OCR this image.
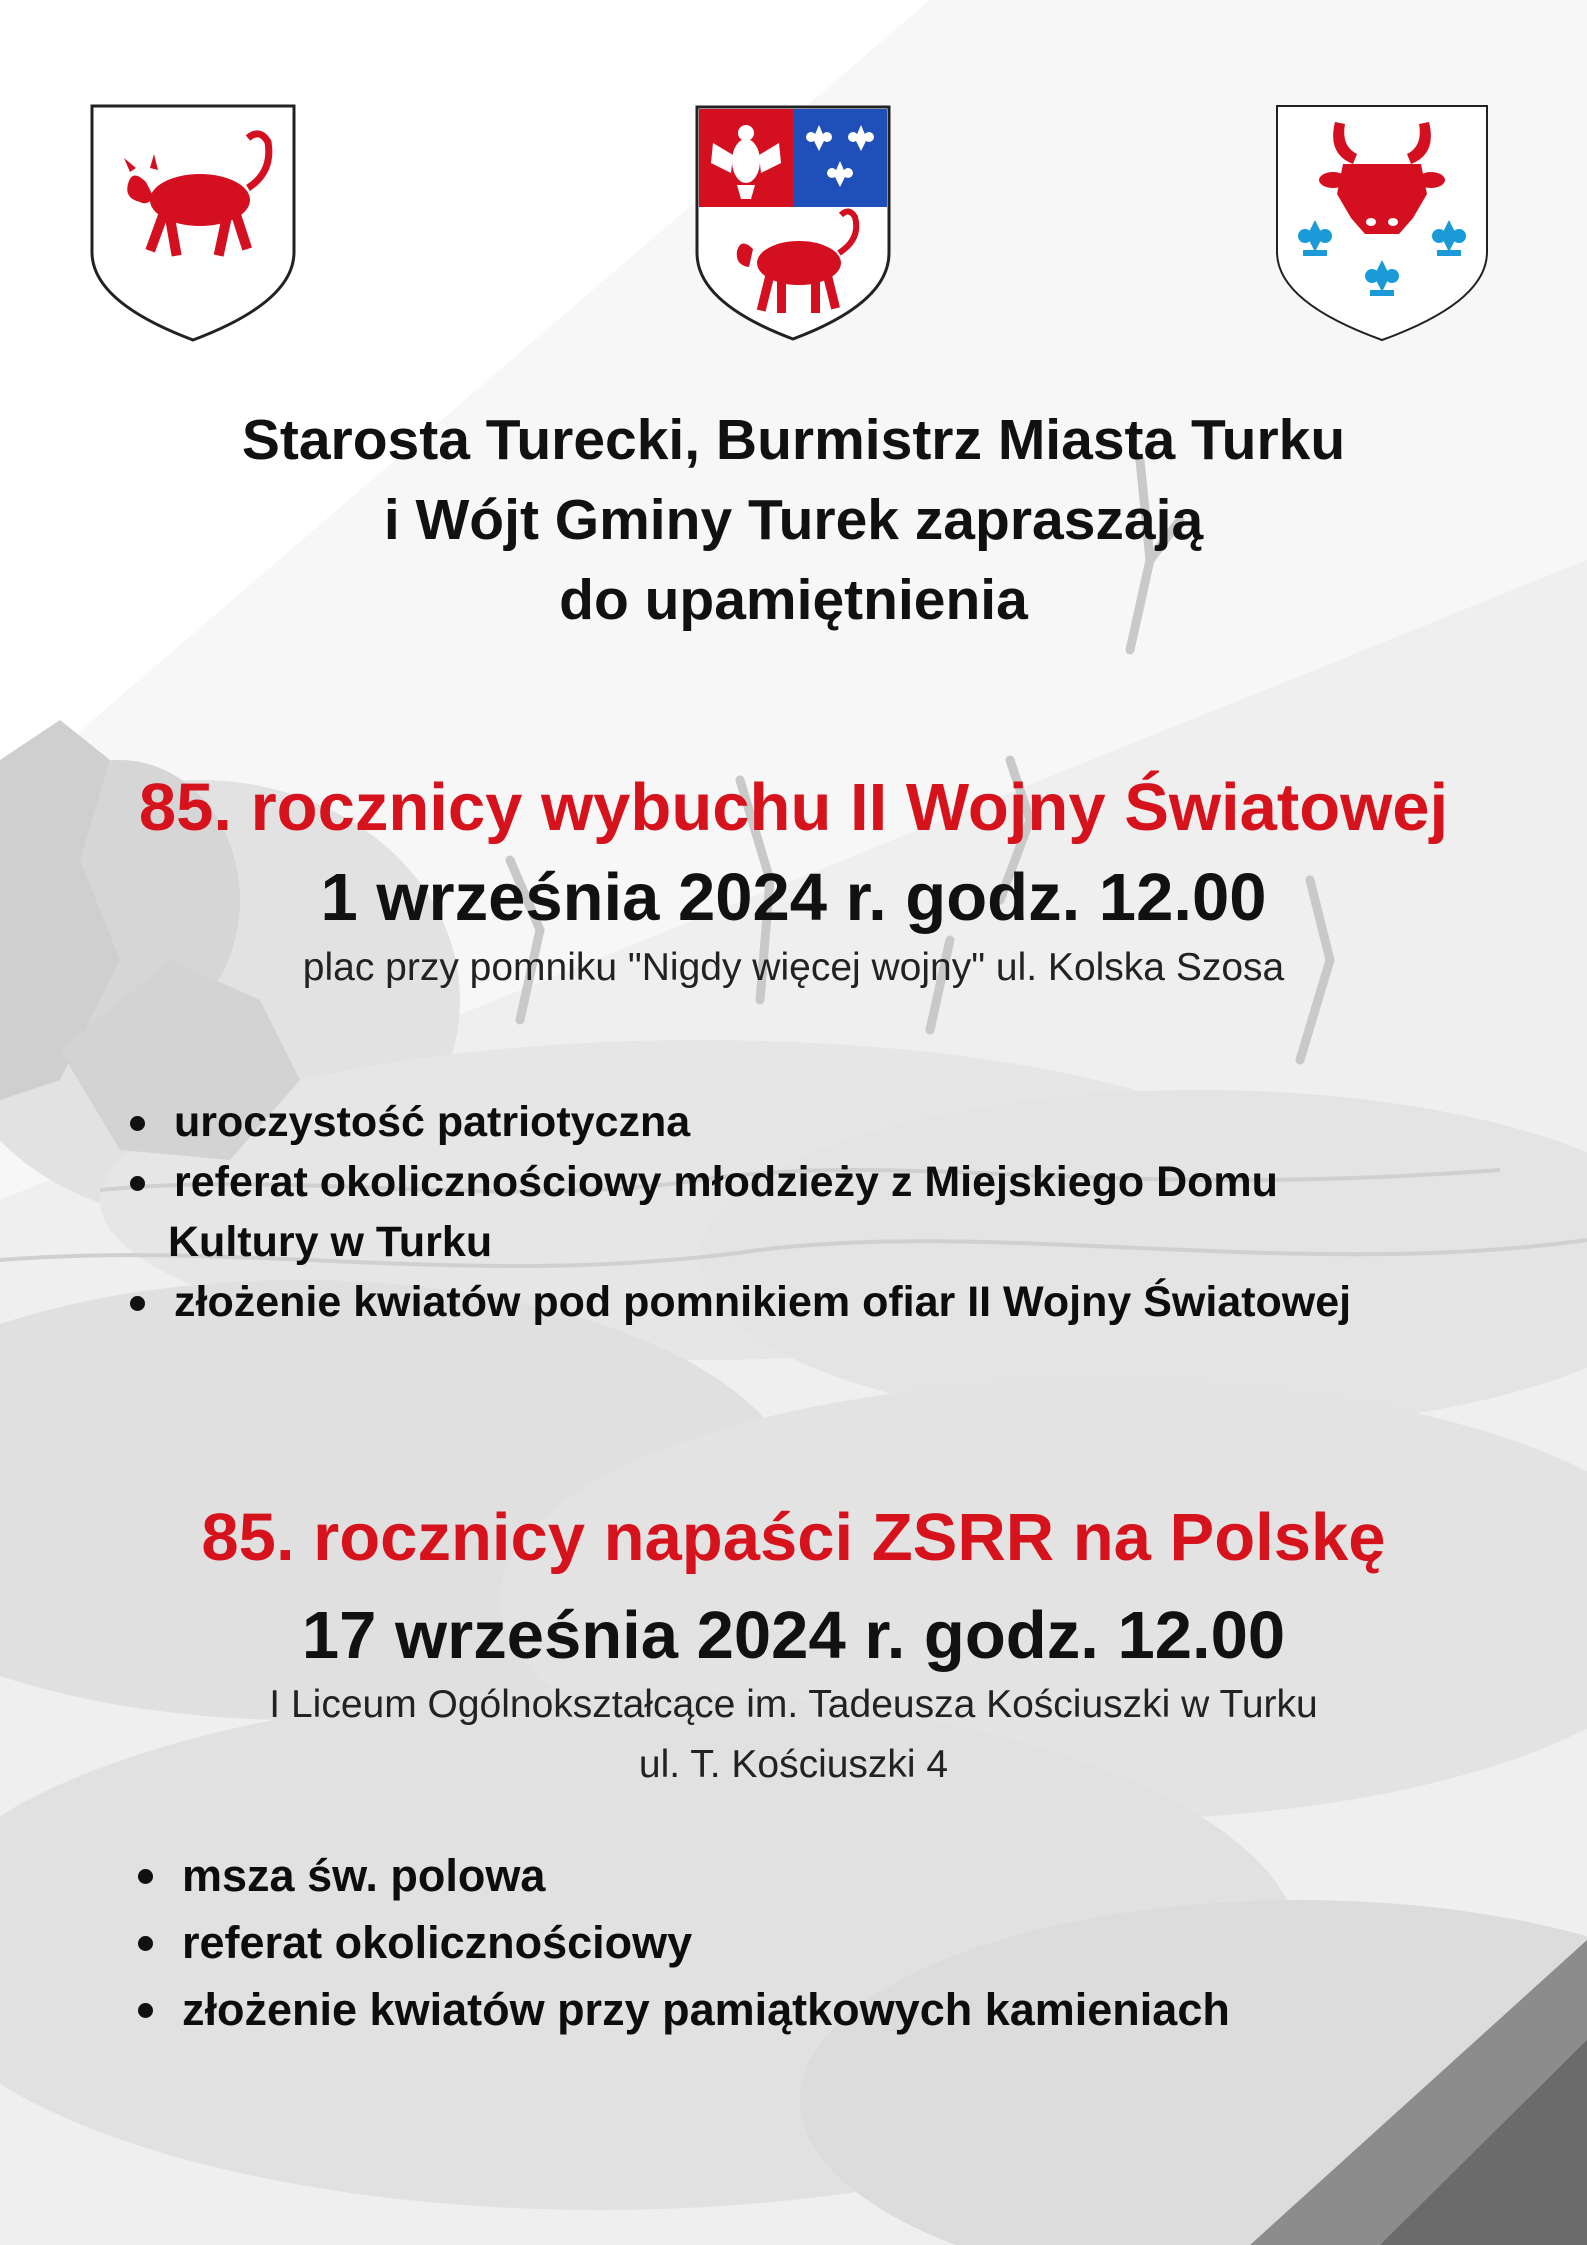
Starosta Turecki, Burmistrz Miasta Turku
i Wójt Gminy Turek zapraszają
do upamiętnienia
85. rocznicy wybuchu II Wojny Światowej
1 września 2024 r. godz. 12.00
plac przy pomniku "Nigdy więcej wojny" ul. Kolska Szosa
uroczystość patriotyczna
referat okolicznościowy młodzieży z Miejskiego Domu
Kultury w Turku
złożenie kwiatów pod pomnikiem ofiar II Wojny Światowej
85. rocznicy napaści ZSRR na Polskę
17 września 2024 r. godz. 12.00
I Liceum Ogólnokształcące im. Tadeusza Kościuszki w Turku
ul. T. Kościuszki 4
msza św. polowa
referat okolicznościowy
złożenie kwiatów przy pamiątkowych kamieniach
